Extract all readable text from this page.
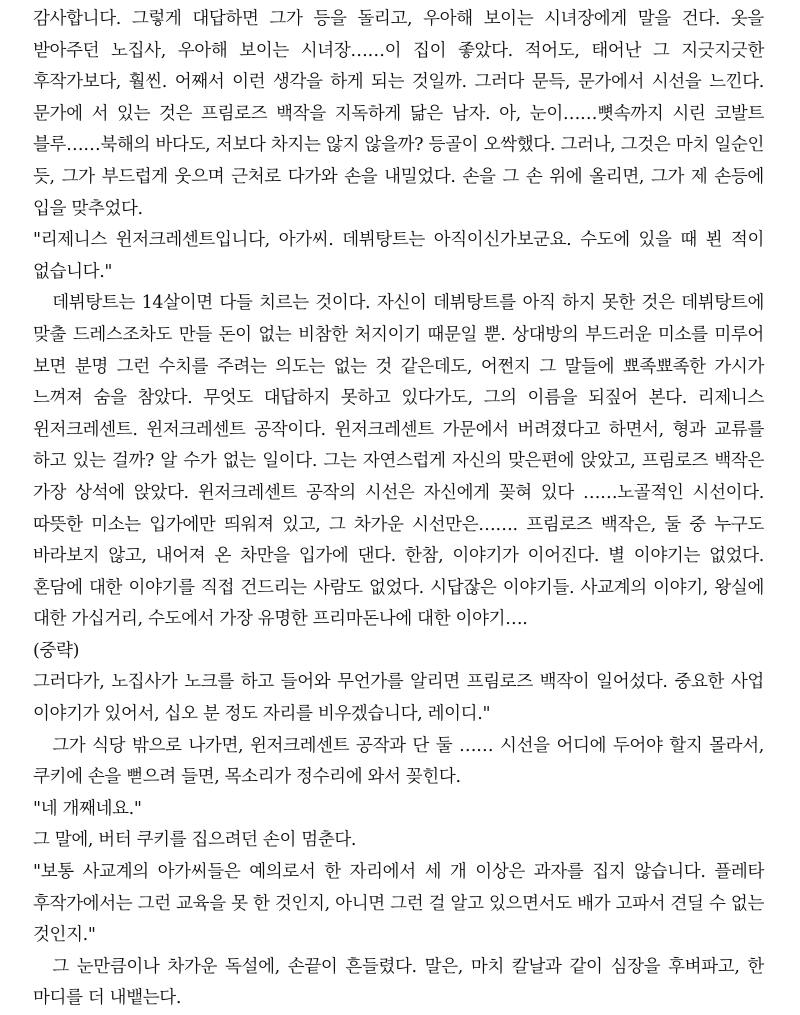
감사합니다. 그렇게 대답하면 그가 등을 돌리고, 우아해 보이는 시녀장에게 말을 건다. 옷을 받아주던 노집사, 우아해 보이는 시녀장……이 집이 좋았다. 적어도, 태어난 그 지긋지긋한 후작가보다, 훨씬. 어째서 이런 생각을 하게 되는 것일까. 그러다 문득, 문가에서 시선을 느낀다. 문가에 서 있는 것은 프림로즈 백작을 지독하게 닮은 남자. 아, 눈이……뼛속까지 시린 코발트 블루……북해의 바다도, 저보다 차지는 않지 않을까? 등골이 오싹했다. 그러나, 그것은 마치 일순인 듯, 그가 부드럽게 웃으며 근처로 다가와 손을 내밀었다. 손을 그 손 위에 올리면, 그가 제 손등에 입을 맞추었다.

"리제니스 윈저크레센트입니다, 아가씨. 데뷔탕트는 아직이신가보군요. 수도에 있을 때 뵌 적이 없습니다."

데뷔탕트는 14살이면 다들 치르는 것이다. 자신이 데뷔탕트를 아직 하지 못한 것은 데뷔탕트에 맞출 드레스조차도 만들 돈이 없는 비참한 처지이기 때문일 뿐. 상대방의 부드러운 미소를 미루어 보면 분명 그런 수치를 주려는 의도는 없는 것 같은데도, 어쩐지 그 말들에 뾰족뾰족한 가시가 느껴져 숨을 참았다. 무엇도 대답하지 못하고 있다가도, 그의 이름을 되짚어 본다. 리제니스 윈저크레센트. 윈저크레센트 공작이다. 윈저크레센트 가문에서 버려졌다고 하면서, 형과 교류를 하고 있는 걸까? 알 수가 없는 일이다. 그는 자연스럽게 자신의 맞은편에 앉았고, 프림로즈 백작은 가장 상석에 앉았다. 윈저크레센트 공작의 시선은 자신에게 꽂혀 있다 ……노골적인 시선이다. 따뜻한 미소는 입가에만 띄워져 있고, 그 차가운 시선만은……. 프림로즈 백작은, 둘 중 누구도 바라보지 않고, 내어져 온 차만을 입가에 댄다. 한참, 이야기가 이어진다. 별 이야기는 없었다. 혼담에 대한 이야기를 직접 건드리는 사람도 없었다. 시답잖은 이야기들. 사교계의 이야기, 왕실에 대한 가십거리, 수도에서 가장 유명한 프리마돈나에 대한 이야기….

(중략)

그러다가, 노집사가 노크를 하고 들어와 무언가를 알리면 프림로즈 백작이 일어섰다. 중요한 사업 이야기가 있어서, 십오 분 정도 자리를 비우겠습니다, 레이디."

그가 식당 밖으로 나가면, 윈저크레센트 공작과 단 둘 …… 시선을 어디에 두어야 할지 몰라서, 쿠키에 손을 뻗으려 들면, 목소리가 정수리에 와서 꽂힌다.

"네 개째네요."

그 말에, 버터 쿠키를 집으려던 손이 멈춘다.

"보통 사교계의 아가씨들은 예의로서 한 자리에서 세 개 이상은 과자를 집지 않습니다. 플레타 후작가에서는 그런 교육을 못 한 것인지, 아니면 그런 걸 알고 있으면서도 배가 고파서 견딜 수 없는 것인지."

그 눈만큼이나 차가운 독설에, 손끝이 흔들렸다. 말은, 마치 칼날과 같이 심장을 후벼파고, 한 마디를 더 내뱉는다.
